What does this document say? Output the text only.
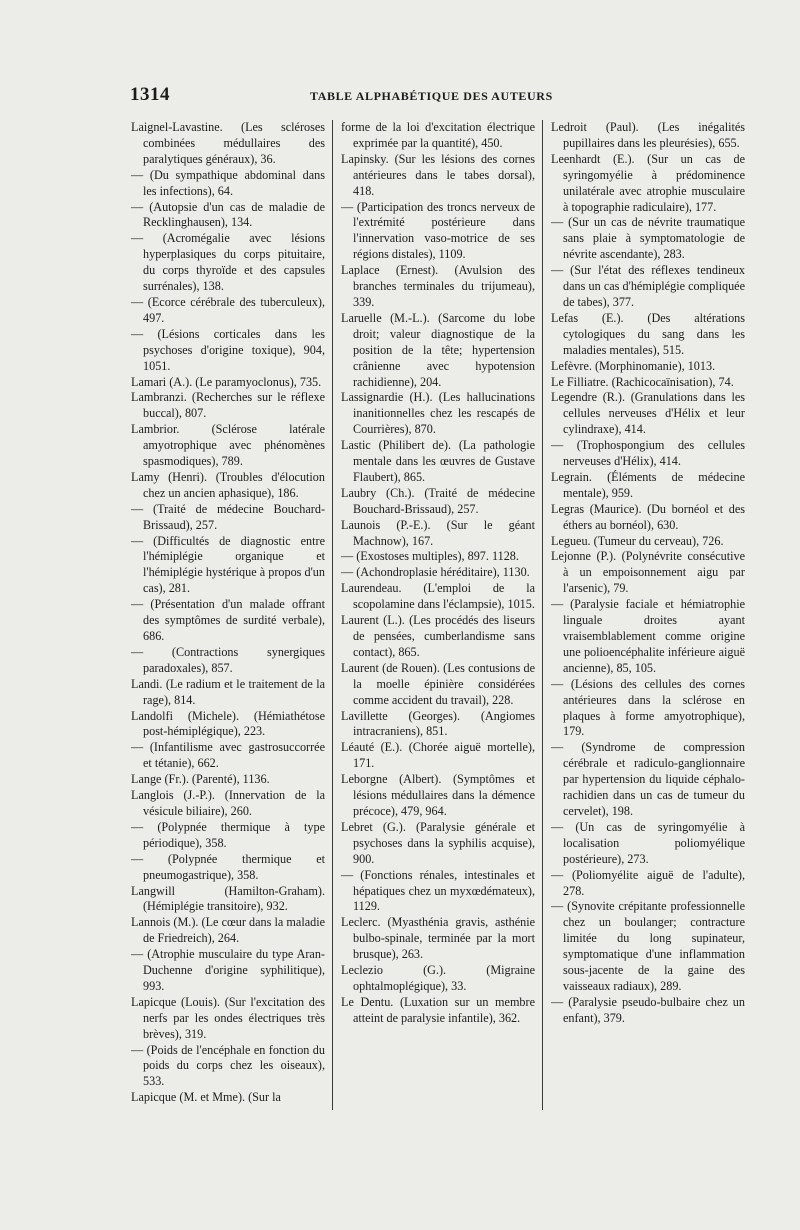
1314	TABLE ALPHABÉTIQUE DES AUTEURS

Laignel-Lavastine. (Les scléroses combinées médullaires des paralytiques généraux), 36.

— (Du sympathique abdominal dans les infections), 64.

— (Autopsie d'un cas de maladie de Recklinghausen), 134.

— (Acromégalie avec lésions hyperplasiques du corps pituitaire, du corps thyroïde et des capsules surrénales), 138.

— (Ecorce cérébrale des tuberculeux), 497.

— (Lésions corticales dans les psychoses d'origine toxique), 904, 1051.

Lamari (A.). (Le paramyoclonus), 735.

Lambranzi. (Recherches sur le réflexe buccal), 807.

Lambrior. (Sclérose latérale amyotrophique avec phénomènes spasmodiques), 789.

Lamy (Henri). (Troubles d'élocution chez un ancien aphasique), 186.

— (Traité de médecine Bouchard-Brissaud), 257.

— (Difficultés de diagnostic entre l'hémiplégie organique et l'hémiplégie hystérique à propos d'un cas), 281.

— (Présentation d'un malade offrant des symptômes de surdité verbale), 686.

— (Contractions synergiques paradoxales), 857.

Landi. (Le radium et le traitement de la rage), 814.

Landolfi (Michele). (Hémiathétose post-hémiplégique), 223.

— (Infantilisme avec gastrosuccorrée et tétanie), 662.

Lange (Fr.). (Parenté), 1136.

Langlois (J.-P.). (Innervation de la vésicule biliaire), 260.

— (Polypnée thermique à type périodique), 358.

— (Polypnée thermique et pneumogastrique), 358.

Langwill (Hamilton-Graham). (Hémiplégie transitoire), 932.

Lannois (M.). (Le cœur dans la maladie de Friedreich), 264.

— (Atrophie musculaire du type Aran-Duchenne d'origine syphilitique), 993.

Lapicque (Louis). (Sur l'excitation des nerfs par les ondes électriques très brèves), 319.

— (Poids de l'encéphale en fonction du poids du corps chez les oiseaux), 533.

Lapicque (M. et Mme). (Sur la

forme de la loi d'excitation électrique exprimée par la quantité), 450.

Lapinsky. (Sur les lésions des cornes antérieures dans le tabes dorsal), 418.

— (Participation des troncs nerveux de l'extrémité postérieure dans l'innervation vaso-motrice de ses régions distales), 1109.

Laplace (Ernest). (Avulsion des branches terminales du trijumeau), 339.

Laruelle (M.-L.). (Sarcome du lobe droit; valeur diagnostique de la position de la tête; hypertension crânienne avec hypotension rachidienne), 204.

Lassignardie (H.). (Les hallucinations inanitionnelles chez les rescapés de Courrières), 870.

Lastic (Philibert de). (La pathologie mentale dans les œuvres de Gustave Flaubert), 865.

Laubry (Ch.). (Traité de médecine Bouchard-Brissaud), 257.

Launois (P.-E.). (Sur le géant Machnow), 167.

— (Exostoses multiples), 897. 1128.

— (Achondroplasie héréditaire), 1130.

Laurendeau. (L'emploi de la scopolamine dans l'éclampsie), 1015.

Laurent (L.). (Les procédés des liseurs de pensées, cumberlandisme sans contact), 865.

Laurent (de Rouen). (Les contusions de la moelle épinière considérées comme accident du travail), 228.

Lavillette (Georges). (Angiomes intracraniens), 851.

Léauté (E.). (Chorée aiguë mortelle), 171.

Leborgne (Albert). (Symptômes et lésions médullaires dans la démence précoce), 479, 964.

Lebret (G.). (Paralysie générale et psychoses dans la syphilis acquise), 900.

— (Fonctions rénales, intestinales et hépatiques chez un myxœdémateux), 1129.

Leclerc. (Myasthénia gravis, asthénie bulbo-spinale, terminée par la mort brusque), 263.

Leclezio (G.). (Migraine ophtalmoplégique), 33.

Le Dentu. (Luxation sur un membre atteint de paralysie infantile), 362.

Ledroit (Paul). (Les inégalités pupillaires dans les pleurésies), 655.

Leenhardt (E.). (Sur un cas de syringomyélie à prédominence unilatérale avec atrophie musculaire à topographie radiculaire), 177.

— (Sur un cas de névrite traumatique sans plaie à symptomatologie de névrite ascendante), 283.

— (Sur l'état des réflexes tendineux dans un cas d'hémiplégie compliquée de tabes), 377.

Lefas (E.). (Des altérations cytologiques du sang dans les maladies mentales), 515.

Lefèvre. (Morphinomanie), 1013.

Le Filliatre. (Rachicocaïnisation), 74.

Legendre (R.). (Granulations dans les cellules nerveuses d'Hélix et leur cylindraxe), 414.

— (Trophospongium des cellules nerveuses d'Hélix), 414.

Legrain. (Éléments de médecine mentale), 959.

Legras (Maurice). (Du bornéol et des éthers au bornéol), 630.

Legueu. (Tumeur du cerveau), 726.

Lejonne (P.). (Polynévrite consécutive à un empoisonnement aigu par l'arsenic), 79.

— (Paralysie faciale et hémiatrophie linguale droites ayant vraisemblablement comme origine une polioencéphalite inférieure aiguë ancienne), 85, 105.

— (Lésions des cellules des cornes antérieures dans la sclérose en plaques à forme amyotrophique), 179.

— (Syndrome de compression cérébrale et radiculo-ganglionnaire par hypertension du liquide céphalo-rachidien dans un cas de tumeur du cervelet), 198.

— (Un cas de syringomyélie à localisation poliomyélique postérieure), 273.

— (Poliomyélite aiguë de l'adulte), 278.

— (Synovite crépitante professionnelle chez un boulanger; contracture limitée du long supinateur, symptomatique d'une inflammation sous-jacente de la gaine des vaisseaux radiaux), 289.

— (Paralysie pseudo-bulbaire chez un enfant), 379.
